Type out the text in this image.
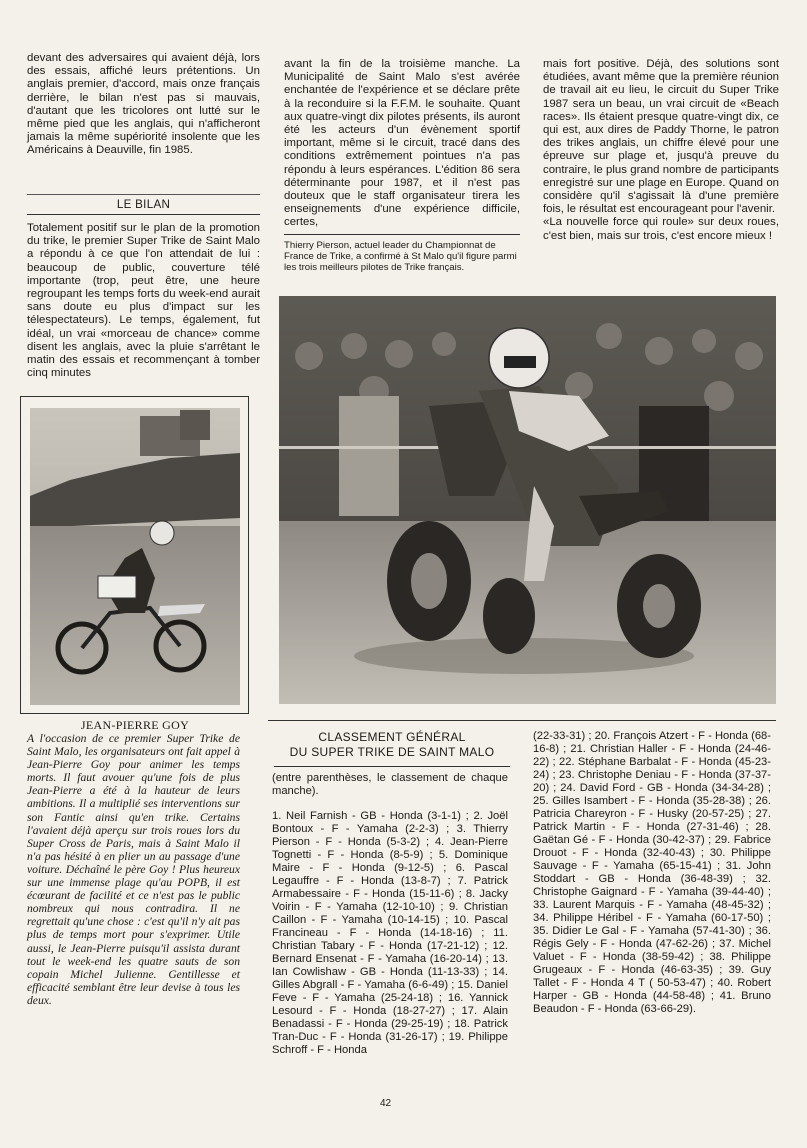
devant des adversaires qui avaient déjà, lors des essais, affiché leurs prétentions. Un anglais premier, d'accord, mais onze français derrière, le bilan n'est pas si mauvais, d'autant que les tricolores ont lutté sur le même pied que les anglais, qui n'afficheront jamais la même supériorité insolente que les Américains à Deauville, fin 1985.

LE BILAN

Totalement positif sur le plan de la promotion du trike, le premier Super Trike de Saint Malo a répondu à ce que l'on attendait de lui : beaucoup de public, couverture télé importante (trop, peut être, une heure regroupant les temps forts du week-end aurait sans doute eu plus d'impact sur les télespectateurs). Le temps, également, fut idéal, un vrai «morceau de chance» comme disent les anglais, avec la pluie s'arrêtant le matin des essais et recommençant à tomber cinq minutes

JEAN-PIERRE GOY

A l'occasion de ce premier Super Trike de Saint Malo, les organisateurs ont fait appel à Jean-Pierre Goy pour animer les temps morts. Il faut avouer qu'une fois de plus Jean-Pierre a été à la hauteur de leurs ambitions. Il a multiplié ses interventions sur son Fantic ainsi qu'en trike. Certains l'avaient déjà aperçu sur trois roues lors du Super Cross de Paris, mais à Saint Malo il n'a pas hésité à en plier un au passage d'une voiture. Déchaîné le père Goy ! Plus heureux sur une immense plage qu'au POPB, il est écœurant de facilité et ce n'est pas le public nombreux qui nous contradira. Il ne regrettait qu'une chose : c'est qu'il n'y ait pas plus de temps mort pour s'exprimer. Utile aussi, le Jean-Pierre puisqu'il assista durant tout le week-end les quatre sauts de son copain Michel Julienne. Gentillesse et efficacité semblant être leur devise à tous les deux.

avant la fin de la troisième manche. La Municipalité de Saint Malo s'est avérée enchantée de l'expérience et se déclare prête à la reconduire si la F.F.M. le souhaite. Quant aux quatre-vingt dix pilotes présents, ils auront été les acteurs d'un évènement sportif important, même si le circuit, tracé dans des conditions extrêmement pointues n'a pas répondu à leurs espérances. L'édition 86 sera déterminante pour 1987, et il n'est pas douteux que le staff organisateur tirera les enseignements d'une expérience difficile, certes,

Thierry Pierson, actuel leader du Championnat de France de Trike, a confirmé à St Malo qu'il figure parmi les trois meilleurs pilotes de Trike français.

mais fort positive. Déjà, des solutions sont étudiées, avant même que la première réunion de travail ait eu lieu, le circuit du Super Trike 1987 sera un beau, un vrai circuit de «Beach races». Ils étaient presque quatre-vingt dix, ce qui est, aux dires de Paddy Thorne, le patron des trikes anglais, un chiffre élevé pour une épreuve sur plage et, jusqu'à preuve du contraire, le plus grand nombre de participants enregistré sur une plage en Europe. Quand on considère qu'il s'agissait là d'une première fois, le résultat est encourageant pour l'avenir.

«La nouvelle force qui roule» sur deux roues, c'est bien, mais sur trois, c'est encore mieux !

CLASSEMENT GÉNÉRAL
DU SUPER TRIKE DE SAINT MALO

(entre parenthèses, le classement de chaque manche).

1. Neil Farnish - GB - Honda (3-1-1) ; 2. Joël Bontoux - F - Yamaha (2-2-3) ; 3. Thierry Pierson - F - Honda (5-3-2) ; 4. Jean-Pierre Tognetti - F - Honda (8-5-9) ; 5. Dominique Maire - F - Honda (9-12-5) ; 6. Pascal Legauffre - F - Honda (13-8-7) ; 7. Patrick Armabessaire - F - Honda (15-11-6) ; 8. Jacky Voirin - F - Yamaha (12-10-10) ; 9. Christian Caillon - F - Yamaha (10-14-15) ; 10. Pascal Francineau - F - Honda (14-18-16) ; 11. Christian Tabary - F - Honda (17-21-12) ; 12. Bernard Ensenat - F - Yamaha (16-20-14) ; 13. Ian Cowlishaw - GB - Honda (11-13-33) ; 14. Gilles Abgrall - F - Yamaha (6-6-49) ; 15. Daniel Feve - F - Yamaha (25-24-18) ; 16. Yannick Lesourd - F - Honda (18-27-27) ; 17. Alain Benadassi - F - Honda (29-25-19) ; 18. Patrick Tran-Duc - F - Honda (31-26-17) ; 19. Philippe Schroff - F - Honda

(22-33-31) ; 20. François Atzert - F - Honda (68-16-8) ; 21. Christian Haller - F - Honda (24-46-22) ; 22. Stéphane Barbalat - F - Honda (45-23-24) ; 23. Christophe Deniau - F - Honda (37-37-20) ; 24. David Ford - GB - Honda (34-34-28) ; 25. Gilles Isambert - F - Honda (35-28-38) ; 26. Patricia Chareyron - F - Husky (20-57-25) ; 27. Patrick Martin - F - Honda (27-31-46) ; 28. Gaëtan Gé - F - Honda (30-42-37) ; 29. Fabrice Drouot - F - Honda (32-40-43) ; 30. Philippe Sauvage - F - Yamaha (65-15-41) ; 31. John Stoddart - GB - Honda (36-48-39) ; 32. Christophe Gaignard - F - Yamaha (39-44-40) ; 33. Laurent Marquis - F - Yamaha (48-45-32) ; 34. Philippe Héribel - F - Yamaha (60-17-50) ; 35. Didier Le Gal - F - Yamaha (57-41-30) ; 36. Régis Gely - F - Honda (47-62-26) ; 37. Michel Valuet - F - Honda (38-59-42) ; 38. Philippe Grugeaux - F - Honda (46-63-35) ; 39. Guy Tallet - F - Honda 4 T ( 50-53-47) ; 40. Robert Harper - GB - Honda (44-58-48) ; 41. Bruno Beaudon - F - Honda (63-66-29).

42
